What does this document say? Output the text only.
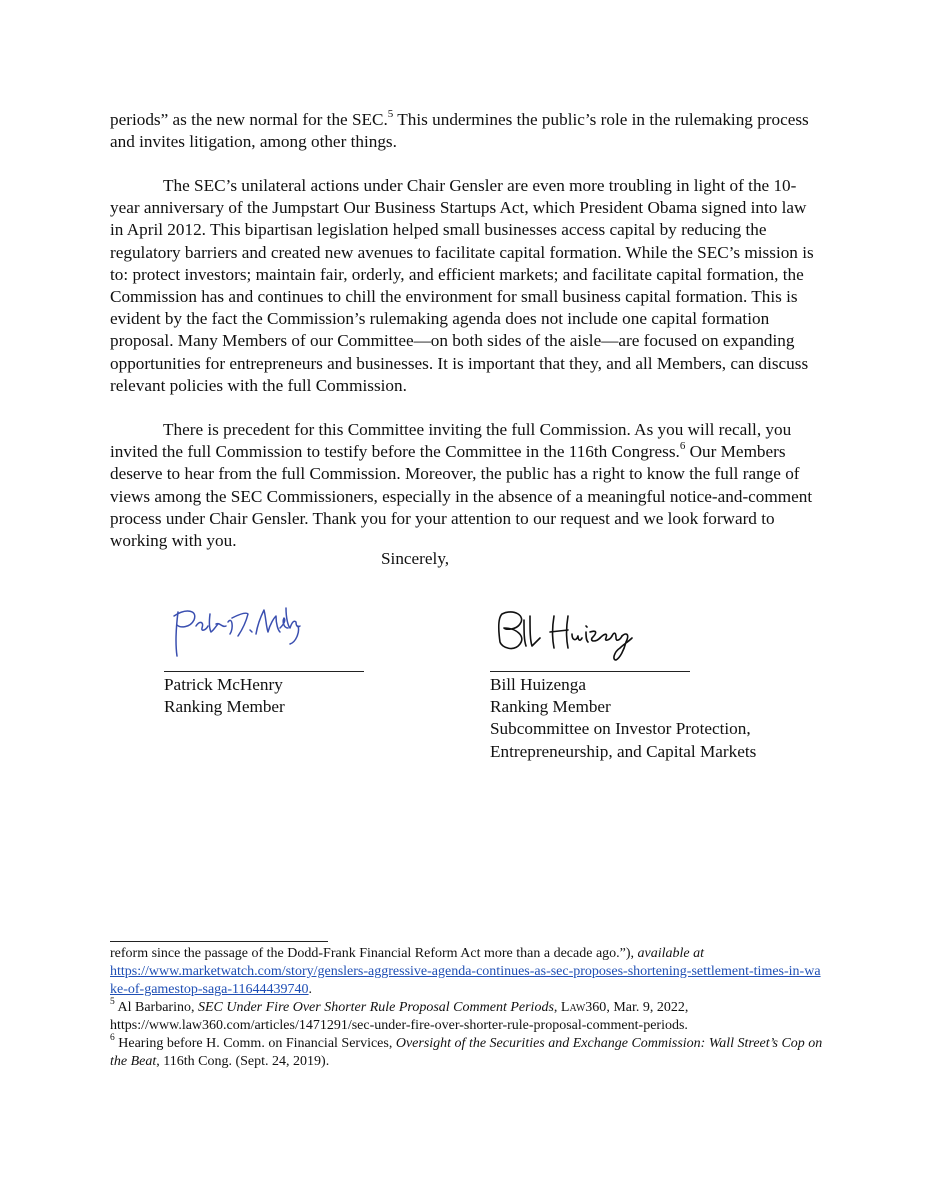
periods” as the new normal for the SEC.$^5$ This undermines the public’s role in the rulemaking process and invites litigation, among other things.

The SEC’s unilateral actions under Chair Gensler are even more troubling in light of the 10-year anniversary of the Jumpstart Our Business Startups Act, which President Obama signed into law in April 2012. This bipartisan legislation helped small businesses access capital by reducing the regulatory barriers and created new avenues to facilitate capital formation. While the SEC’s mission is to: protect investors; maintain fair, orderly, and efficient markets; and facilitate capital formation, the Commission has and continues to chill the environment for small business capital formation. This is evident by the fact the Commission’s rulemaking agenda does not include one capital formation proposal. Many Members of our Committee—on both sides of the aisle—are focused on expanding opportunities for entrepreneurs and businesses. It is important that they, and all Members, can discuss relevant policies with the full Commission.

There is precedent for this Committee inviting the full Commission. As you will recall, you invited the full Commission to testify before the Committee in the 116th Congress.$^6$ Our Members deserve to hear from the full Commission. Moreover, the public has a right to know the full range of views among the SEC Commissioners, especially in the absence of a meaningful notice-and-comment process under Chair Gensler. Thank you for your attention to our request and we look forward to working with you.

Sincerely,
Patrick McHenry
Ranking Member
Bill Huizenga
Ranking Member
Subcommittee on Investor Protection,
Entrepreneurship, and Capital Markets

reform since the passage of the Dodd-Frank Financial Reform Act more than a decade ago.”), available at
https://www.marketwatch.com/story/genslers-aggressive-agenda-continues-as-sec-proposes-shortening-settlement-times-in-wake-of-gamestop-saga-11644439740.

$^5$ Al Barbarino, SEC Under Fire Over Shorter Rule Proposal Comment Periods, Law360, Mar. 9, 2022, https://www.law360.com/articles/1471291/sec-under-fire-over-shorter-rule-proposal-comment-periods.

$^6$ Hearing before H. Comm. on Financial Services, Oversight of the Securities and Exchange Commission: Wall Street’s Cop on the Beat, 116th Cong. (Sept. 24, 2019).
